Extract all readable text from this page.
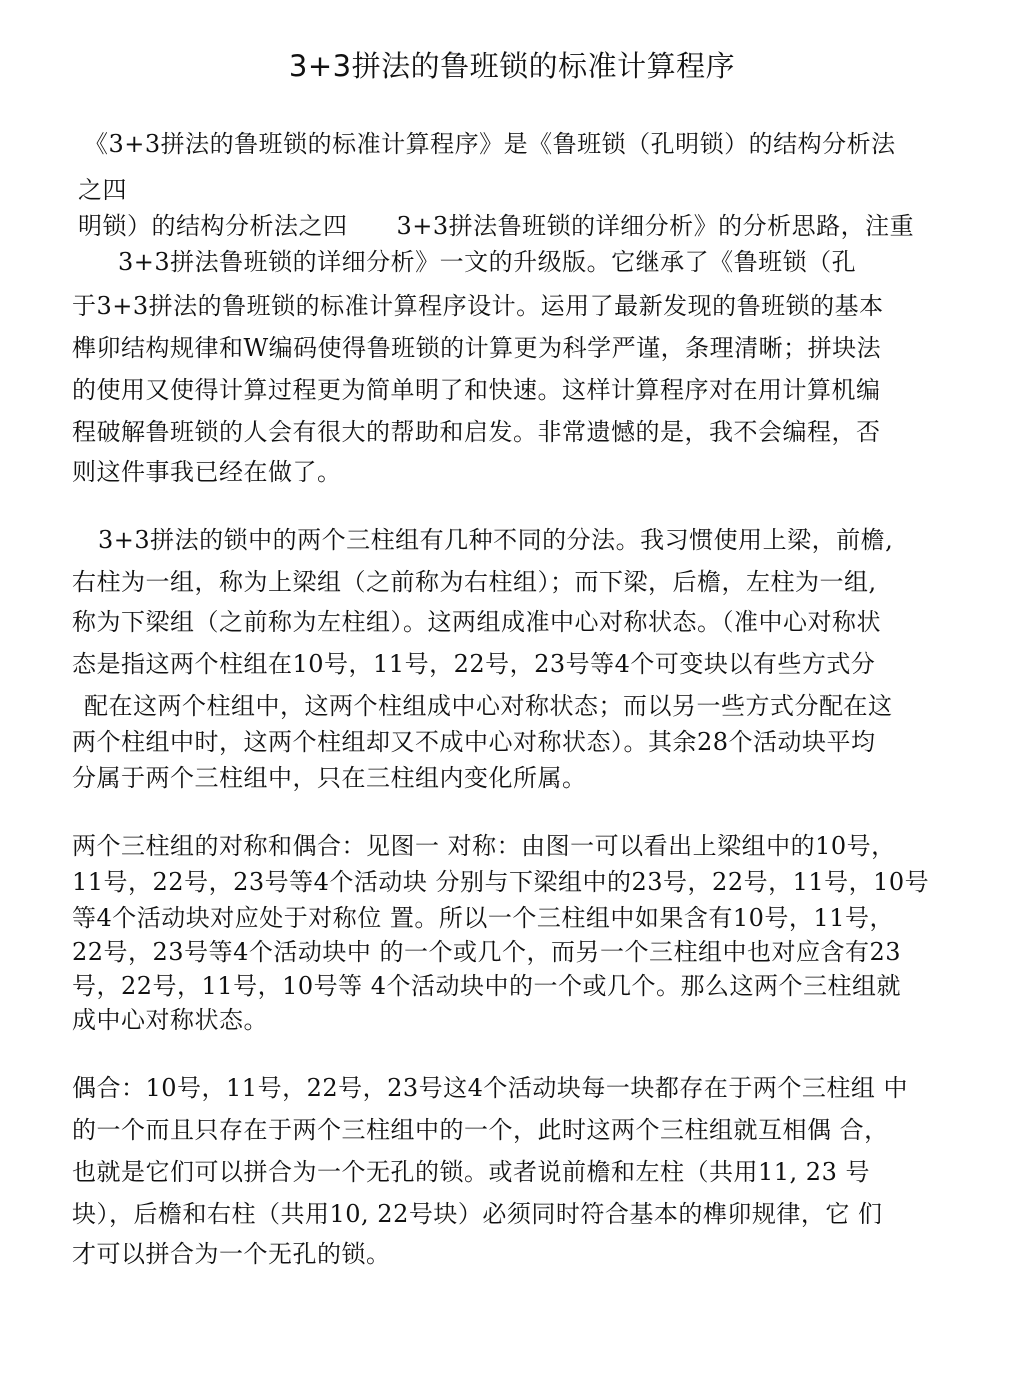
3+3拼法的鲁班锁的标准计算程序
《3+3拼法的鲁班锁的标准计算程序》是《鲁班锁（孔明锁）的结构分析法
之四
明锁）的结构分析法之四　　3+3拼法鲁班锁的详细分析》的分析思路，注重
3+3拼法鲁班锁的详细分析》一文的升级版。它继承了《鲁班锁（孔
于3+3拼法的鲁班锁的标准计算程序设计。运用了最新发现的鲁班锁的基本
榫卯结构规律和W编码使得鲁班锁的计算更为科学严谨，条理清晰；拼块法
的使用又使得计算过程更为简单明了和快速。这样计算程序对在用计算机编
程破解鲁班锁的人会有很大的帮助和启发。非常遗憾的是，我不会编程，否
则这件事我已经在做了。
3+3拼法的锁中的两个三柱组有几种不同的分法。我习惯使用上梁，前檐,
右柱为一组，称为上梁组（之前称为右柱组）；而下梁，后檐，左柱为一组,
称为下梁组（之前称为左柱组）。这两组成准中心对称状态。（准中心对称状
态是指这两个柱组在10号，11号，22号，23号等4个可变块以有些方式分
配在这两个柱组中，这两个柱组成中心对称状态；而以另一些方式分配在这
两个柱组中时，这两个柱组却又不成中心对称状态）。其余28个活动块平均
分属于两个三柱组中，只在三柱组内变化所属。
两个三柱组的对称和偶合：见图一 对称：由图一可以看出上梁组中的10号，
11号，22号，23号等4个活动块 分别与下梁组中的23号，22号，11号，10号
等4个活动块对应处于对称位 置。所以一个三柱组中如果含有10号，11号，
22号，23号等4个活动块中 的一个或几个，而另一个三柱组中也对应含有23
号，22号，11号，10号等 4个活动块中的一个或几个。那么这两个三柱组就
成中心对称状态。
偶合：10号，11号，22号，23号这4个活动块每一块都存在于两个三柱组 中
的一个而且只存在于两个三柱组中的一个，此时这两个三柱组就互相偶 合，
也就是它们可以拼合为一个无孔的锁。或者说前檐和左柱（共用11, 23 号
块），后檐和右柱（共用10, 22号块）必须同时符合基本的榫卯规律，它 们
才可以拼合为一个无孔的锁。
